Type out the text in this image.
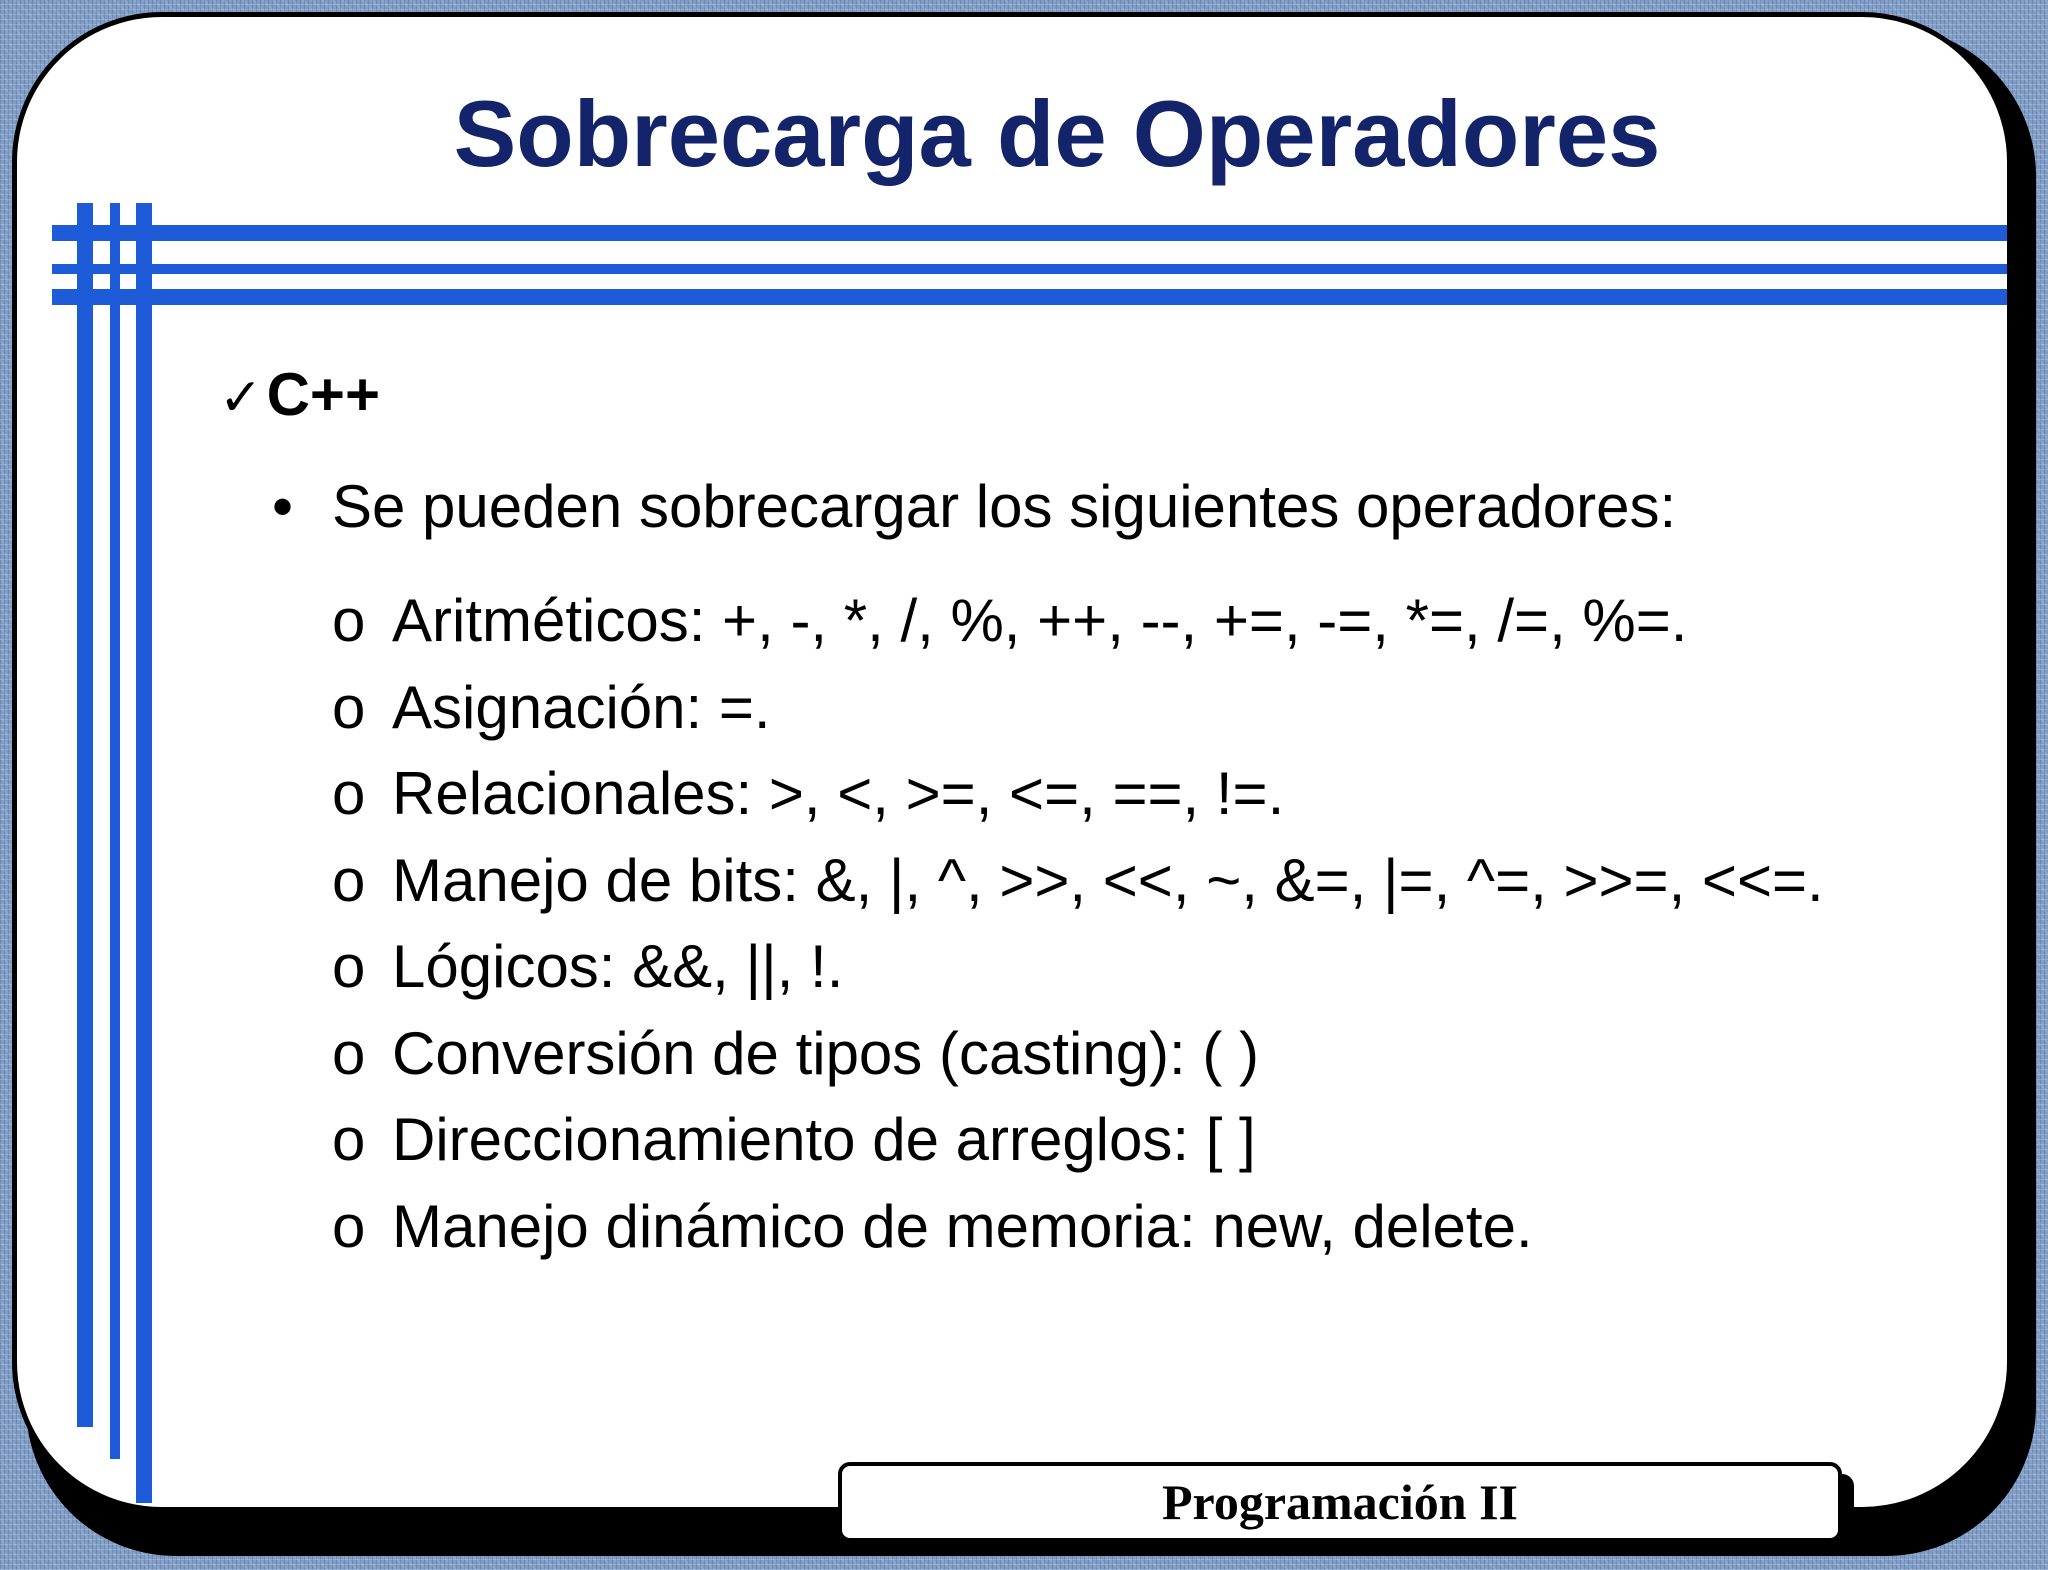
Sobrecarga de Operadores
✓C++
• Se pueden sobrecargar los siguientes operadores:
o Aritméticos: +, -, *, /, %, ++, --, +=, -=, *=, /=, %=.
o Asignación: =.
o Relacionales: >, <, >=, <=, ==, !=.
o Manejo de bits: &, |, ^, >>, <<, ~, &=, |=, ^=, >>=, <<=.
o Lógicos: &&, ||, !.
o Conversión de tipos (casting): ( )
o Direccionamiento de arreglos: [ ]
o Manejo dinámico de memoria: new, delete.
Programación II
